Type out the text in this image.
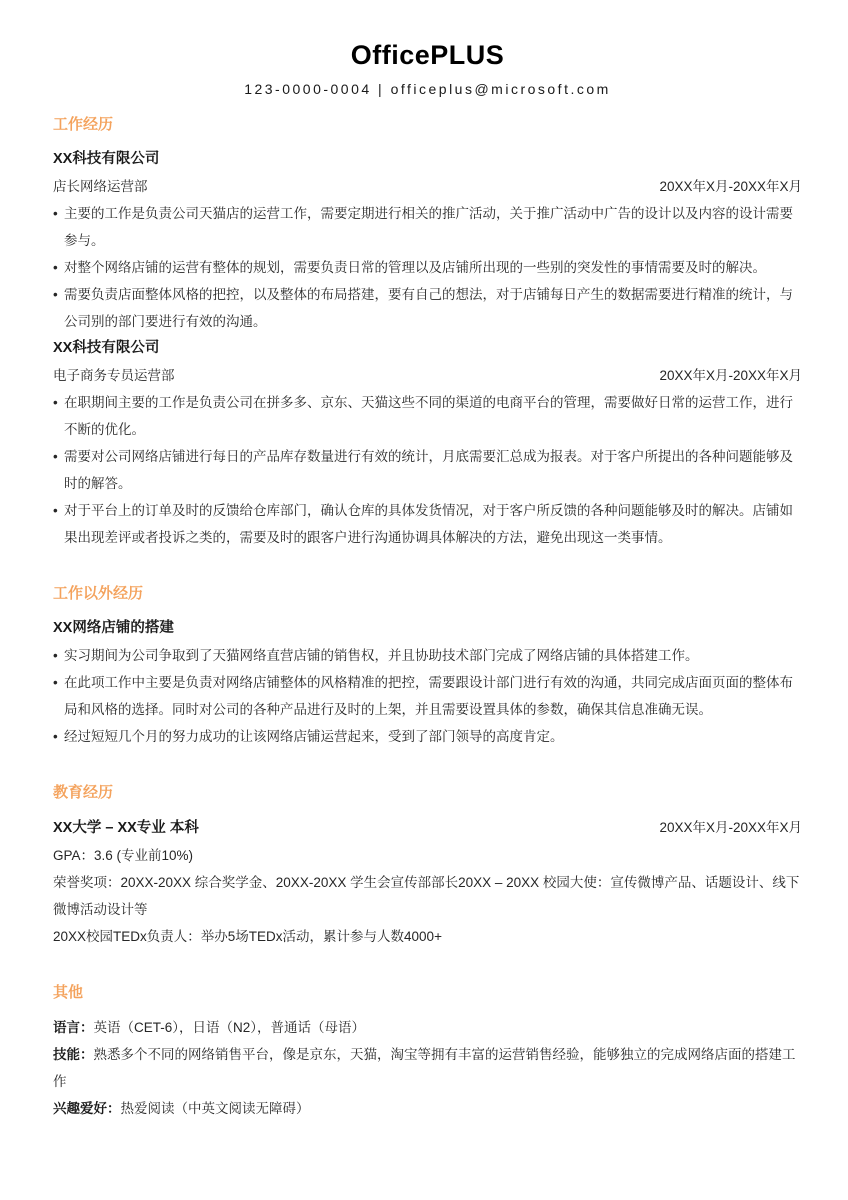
OfficePLUS
123-0000-0004 | officeplus@microsoft.com
工作经历
XX科技有限公司
店长网络运营部	20XX年X月-20XX年X月
• 主要的工作是负责公司天猫店的运营工作，需要定期进行相关的推广活动，关于推广活动中广告的设计以及内容的设计需要参与。
• 对整个网络店铺的运营有整体的规划，需要负责日常的管理以及店铺所出现的一些别的突发性的事情需要及时的解决。
• 需要负责店面整体风格的把控，以及整体的布局搭建，要有自己的想法，对于店铺每日产生的数据需要进行精准的统计，与公司别的部门要进行有效的沟通。
XX科技有限公司
电子商务专员运营部	20XX年X月-20XX年X月
• 在职期间主要的工作是负责公司在拼多多、京东、天猫这些不同的渠道的电商平台的管理，需要做好日常的运营工作，进行不断的优化。
• 需要对公司网络店铺进行每日的产品库存数量进行有效的统计，月底需要汇总成为报表。对于客户所提出的各种问题能够及时的解答。
• 对于平台上的订单及时的反馈给仓库部门，确认仓库的具体发货情况，对于客户所反馈的各种问题能够及时的解决。店铺如果出现差评或者投诉之类的，需要及时的跟客户进行沟通协调具体解决的方法，避免出现这一类事情。
工作以外经历
XX网络店铺的搭建
• 实习期间为公司争取到了天猫网络直营店铺的销售权，并且协助技术部门完成了网络店铺的具体搭建工作。
• 在此项工作中主要是负责对网络店铺整体的风格精准的把控，需要跟设计部门进行有效的沟通，共同完成店面页面的整体布局和风格的选择。同时对公司的各种产品进行及时的上架，并且需要设置具体的参数，确保其信息准确无误。
• 经过短短几个月的努力成功的让该网络店铺运营起来，受到了部门领导的高度肯定。
教育经历
XX大学 – XX专业 本科	20XX年X月-20XX年X月
GPA：3.6 (专业前10%)
荣誉奖项：20XX-20XX 综合奖学金、20XX-20XX 学生会宣传部部长20XX – 20XX 校园大使：宣传微博产品、话题设计、线下微博活动设计等
20XX校园TEDx负责人：举办5场TEDx活动，累计参与人数4000+
其他
语言：英语（CET-6），日语（N2），普通话（母语）
技能：熟悉多个不同的网络销售平台，像是京东，天猫，淘宝等拥有丰富的运营销售经验，能够独立的完成网络店面的搭建工作
兴趣爱好：热爱阅读（中英文阅读无障碍）
